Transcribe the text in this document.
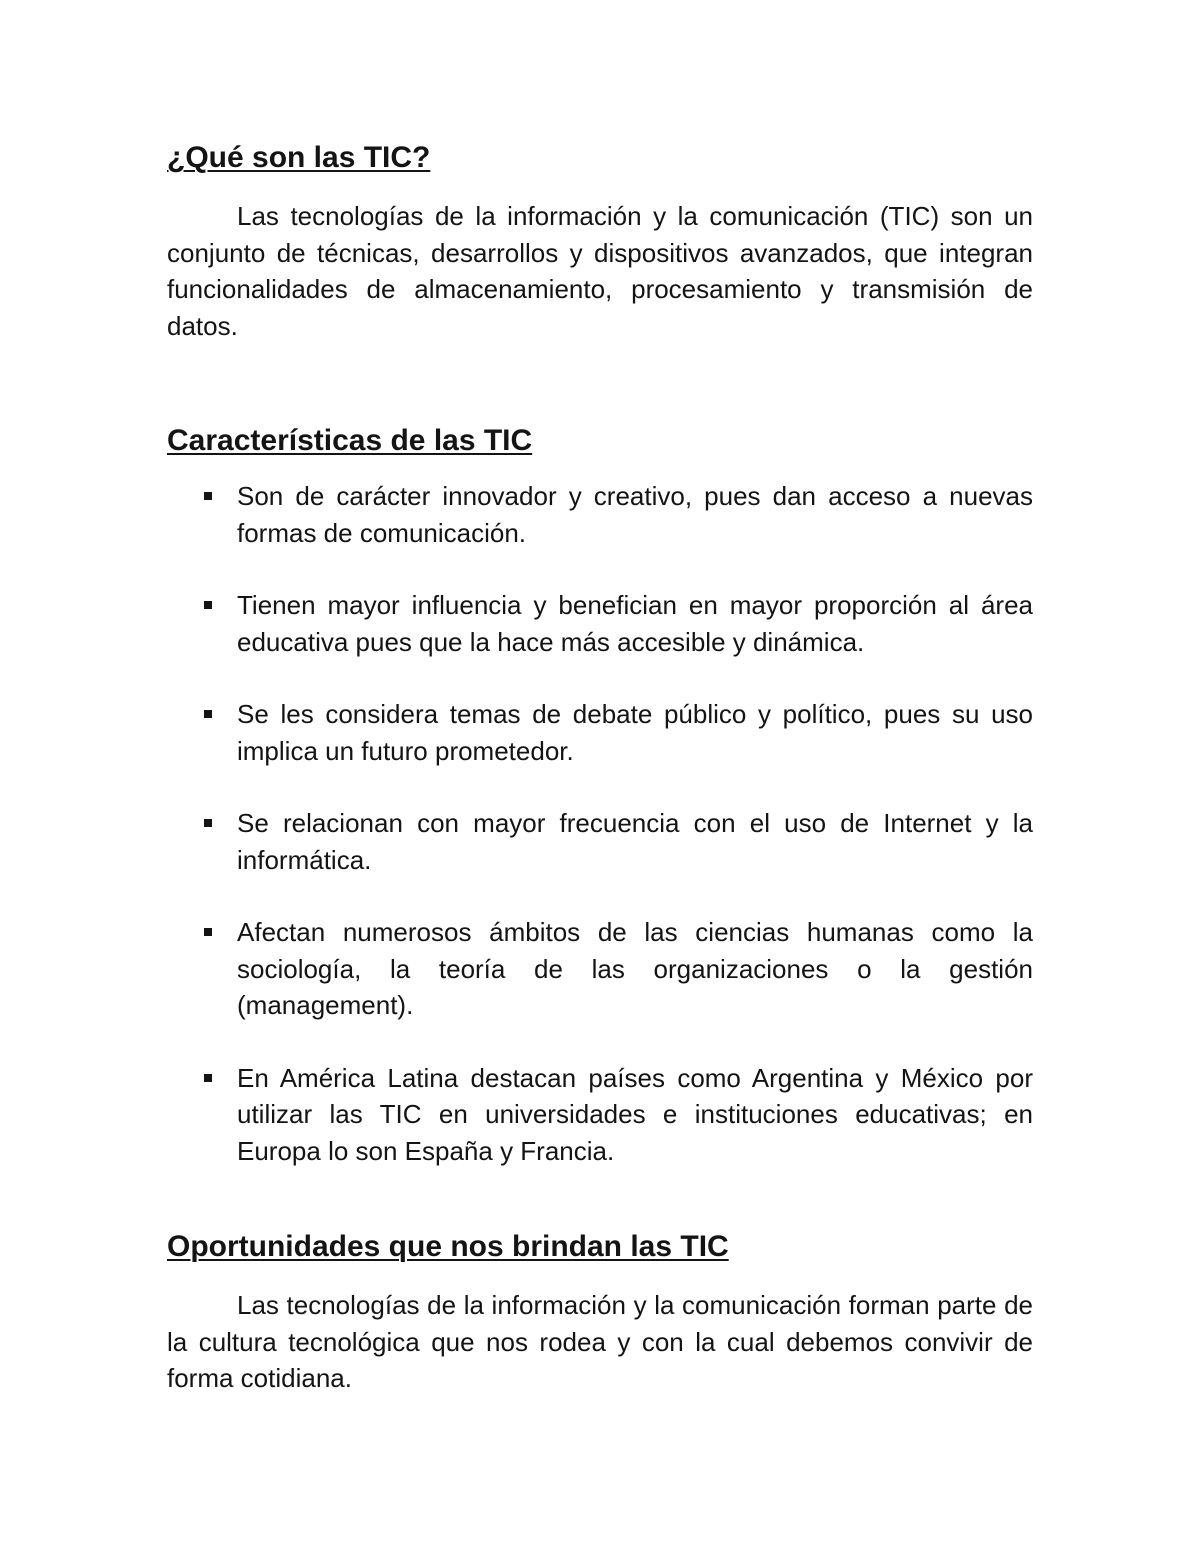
¿Qué son las TIC?

Las tecnologías de la información y la comunicación (TIC) son un conjunto de técnicas, desarrollos y dispositivos avanzados, que integran funcionalidades de almacenamiento, procesamiento y transmisión de datos.

Características de las TIC
Son de carácter innovador y creativo, pues dan acceso a nuevas formas de comunicación.
Tienen mayor influencia y benefician en mayor proporción al área educativa pues que la hace más accesible y dinámica.
Se les considera temas de debate público y político, pues su uso implica un futuro prometedor.
Se relacionan con mayor frecuencia con el uso de Internet y la informática.
Afectan numerosos ámbitos de las ciencias humanas como la sociología, la teoría de las organizaciones o la gestión (management).
En América Latina destacan países como Argentina y México por utilizar las TIC en universidades e instituciones educativas; en Europa lo son España y Francia.
Oportunidades que nos brindan las TIC

Las tecnologías de la información y la comunicación forman parte de la cultura tecnológica que nos rodea y con la cual debemos convivir de forma cotidiana.
